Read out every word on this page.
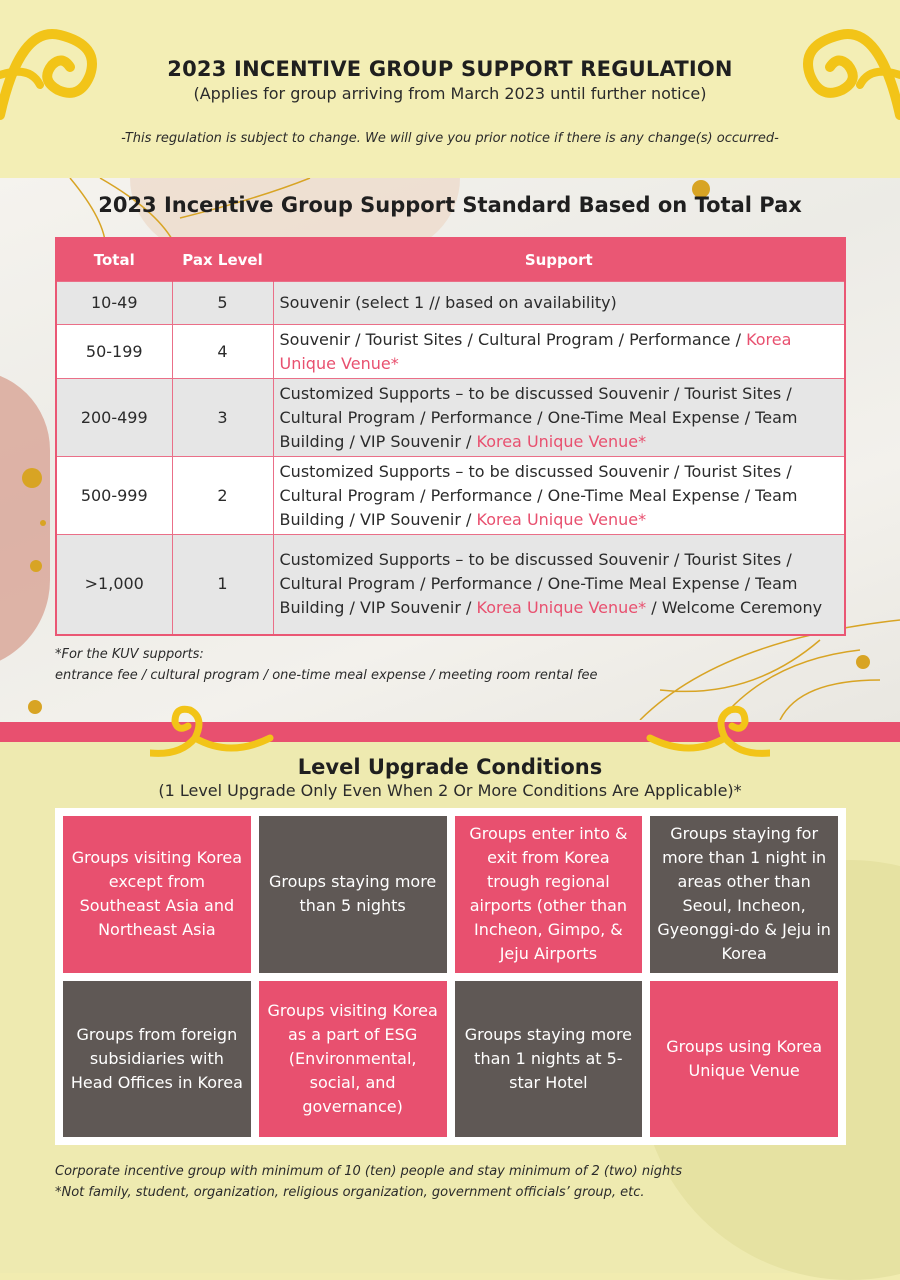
2023 INCENTIVE GROUP SUPPORT REGULATION
(Applies for group arriving from March 2023 until further notice)
-This regulation is subject to change. We will give you prior notice if there is any change(s) occurred-
2023 Incentive Group Support Standard Based on Total Pax
Total	Pax Level	Support
10-49	5	Souvenir (select 1 // based on availability)
50-199	4	Souvenir / Tourist Sites / Cultural Program / Performance / Korea Unique Venue*
200-499	3	Customized Supports – to be discussed Souvenir / Tourist Sites / Cultural Program / Performance / One-Time Meal Expense / Team Building / VIP Souvenir / Korea Unique Venue*
500-999	2	Customized Supports – to be discussed Souvenir / Tourist Sites / Cultural Program / Performance / One-Time Meal Expense / Team Building / VIP Souvenir / Korea Unique Venue*
>1,000	1	Customized Supports – to be discussed Souvenir / Tourist Sites / Cultural Program / Performance / One-Time Meal Expense / Team Building / VIP Souvenir / Korea Unique Venue* / Welcome Ceremony
*For the KUV supports:
entrance fee / cultural program / one-time meal expense / meeting room rental fee
Level Upgrade Conditions
(1 Level Upgrade Only Even When 2 Or More Conditions Are Applicable)*
Groups visiting Korea except from Southeast Asia and Northeast Asia
Groups staying more than 5 nights
Groups enter into & exit from Korea trough regional airports (other than Incheon, Gimpo, & Jeju Airports
Groups staying for more than 1 night in areas other than Seoul, Incheon, Gyeonggi-do & Jeju in Korea
Groups from foreign subsidiaries with Head Offices in Korea
Groups visiting Korea as a part of ESG (Environmental, social, and governance)
Groups staying more than 1 nights at 5-star Hotel
Groups using Korea Unique Venue
Corporate incentive group with minimum of 10 (ten) people and stay minimum of 2 (two) nights
*Not family, student, organization, religious organization, government officials’ group, etc.
